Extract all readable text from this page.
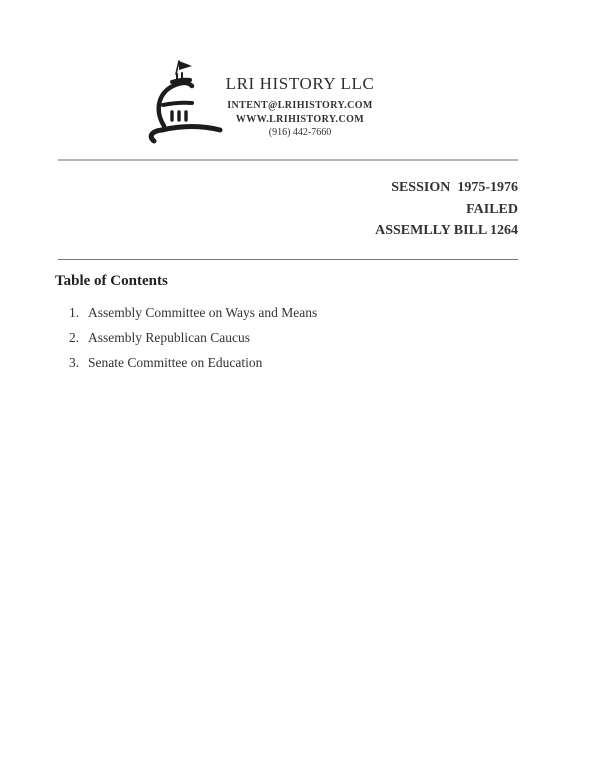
LRI HISTORY LLC
INTENT@LRIHISTORY.COM
WWW.LRIHISTORY.COM
(916) 442-7660
SESSION  1975-1976
FAILED
ASSEMLLY BILL 1264
Table of Contents
1. Assembly Committee on Ways and Means
2. Assembly Republican Caucus
3. Senate Committee on Education
